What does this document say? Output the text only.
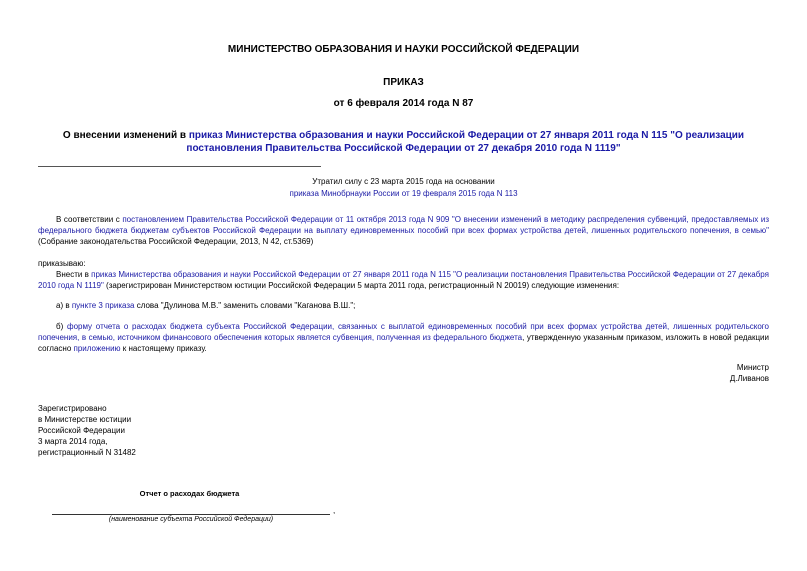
МИНИСТЕРСТВО ОБРАЗОВАНИЯ И НАУКИ РОССИЙСКОЙ ФЕДЕРАЦИИ
ПРИКАЗ
от 6 февраля 2014 года N 87
О внесении изменений в приказ Министерства образования и науки Российской Федерации от 27 января 2011 года N 115 "О реализации постановления Правительства Российской Федерации от 27 декабря 2010 года N 1119"
Утратил силу с 23 марта 2015 года на основании
приказа Минобрнауки России от 19 февраля 2015 года N 113
В соответствии с постановлением Правительства Российской Федерации от 11 октября 2013 года N 909 "О внесении изменений в методику распределения субвенций, предоставляемых из федерального бюджета бюджетам субъектов Российской Федерации на выплату единовременных пособий при всех формах устройства детей, лишенных родительского попечения, в семью" (Собрание законодательства Российской Федерации, 2013, N 42, ст.5369)
приказываю:
Внести в приказ Министерства образования и науки Российской Федерации от 27 января 2011 года N 115 "О реализации постановления Правительства Российской Федерации от 27 декабря 2010 года N 1119" (зарегистрирован Министерством юстиции Российской Федерации 5 марта 2011 года, регистрационный N 20019) следующие изменения:
а) в пункте 3 приказа слова "Дулинова М.В." заменить словами "Каганова В.Ш.";
б) форму отчета о расходах бюджета субъекта Российской Федерации, связанных с выплатой единовременных пособий при всех формах устройства детей, лишенных родительского попечения, в семью, источником финансового обеспечения которых является субвенция, полученная из федерального бюджета, утвержденную указанным приказом, изложить в новой редакции согласно приложению к настоящему приказу.
Министр
Д.Ливанов
Зарегистрировано
в Министерстве юстиции
Российской Федерации
3 марта 2014 года,
регистрационный N 31482
Отчет о расходах бюджета
,
(наименование субъекта Российской Федерации)
